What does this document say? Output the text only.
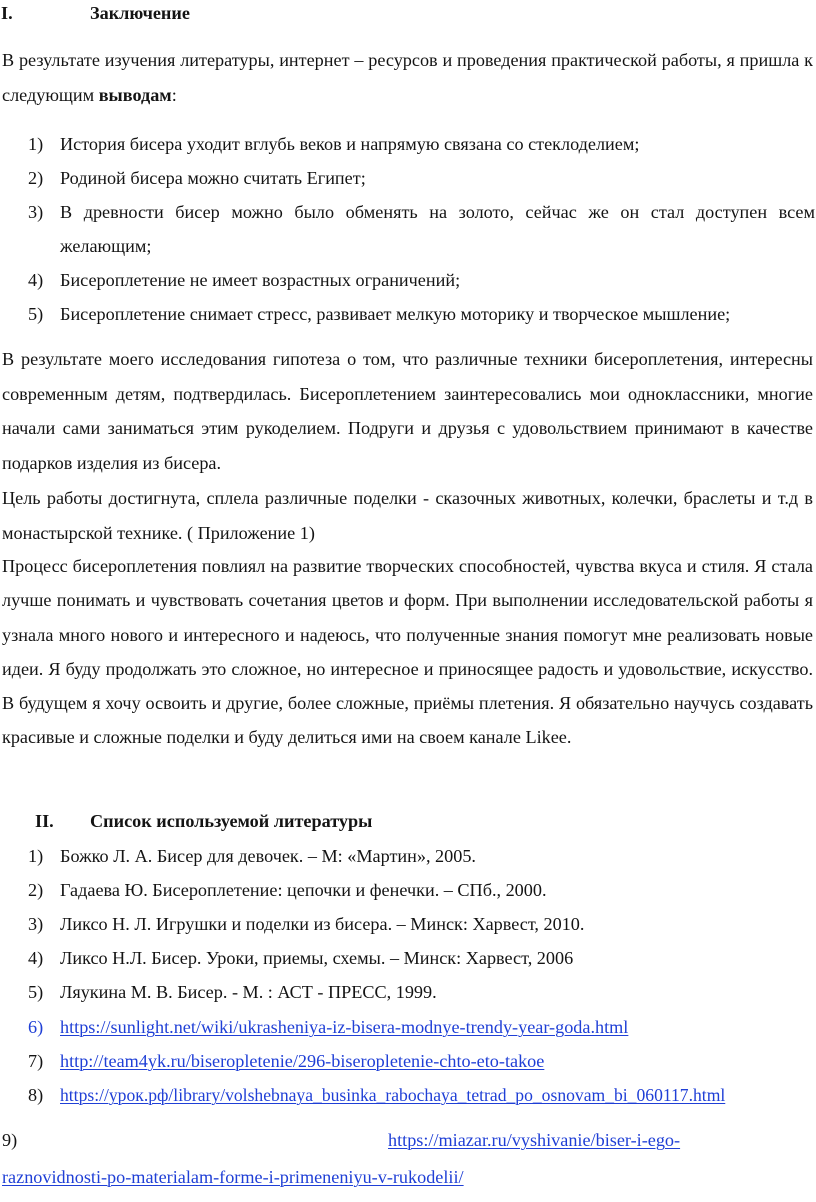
I.	Заключение

В результате изучения литературы, интернет – ресурсов и проведения практической работы, я пришла к следующим выводам:

1) История бисера уходит вглубь веков и напрямую связана со стеклоделием;
2) Родиной бисера можно считать Египет;
3) В древности бисер можно было обменять на золото, сейчас же он стал доступен всем желающим;
4) Бисероплетение не имеет возрастных ограничений;
5) Бисероплетение снимает стресс, развивает мелкую моторику и творческое мышление;

В результате моего исследования гипотеза о том, что различные техники бисероплетения, интересны современным детям, подтвердилась. Бисероплетением заинтересовались мои одноклассники, многие начали сами заниматься этим рукоделием. Подруги и друзья с удовольствием принимают в качестве подарков изделия из бисера.

Цель работы достигнута, сплела различные поделки - сказочных животных, колечки, браслеты и т.д в монастырской технике. ( Приложение 1)

Процесс бисероплетения повлиял на развитие творческих способностей, чувства вкуса и стиля. Я стала лучше понимать и чувствовать сочетания цветов и форм. При выполнении исследовательской работы я узнала много нового и интересного и надеюсь, что полученные знания помогут мне реализовать новые идеи. Я буду продолжать это сложное, но интересное и приносящее радость и удовольствие, искусство. В будущем я хочу освоить и другие, более сложные, приёмы плетения. Я обязательно научусь создавать красивые и сложные поделки и буду делиться ими на своем канале Likee.

II. Список используемой литературы
1) Божко Л. А. Бисер для девочек. – М: «Мартин», 2005.
2) Гадаева Ю. Бисероплетение: цепочки и фенечки. – СПб., 2000.
3) Ликсо Н. Л. Игрушки и поделки из бисера. – Минск: Харвест, 2010.
4) Ликсо Н.Л. Бисер. Уроки, приемы, схемы. – Минск: Харвест, 2006
5) Ляукина М. В. Бисер. - М. : АСТ - ПРЕСС, 1999.
6) https://sunlight.net/wiki/ukrasheniya-iz-bisera-modnye-trendy-year-goda.html
7) http://team4yk.ru/biseropletenie/296-biseropletenie-chto-eto-takoe
8) https://урок.рф/library/volshebnaya_businka_rabochaya_tetrad_po_osnovam_bi_060117.html
9)	https://miazar.ru/vyshivanie/biser-i-ego-
raznovidnosti-po-materialam-forme-i-primeneniyu-v-rukodelii/
